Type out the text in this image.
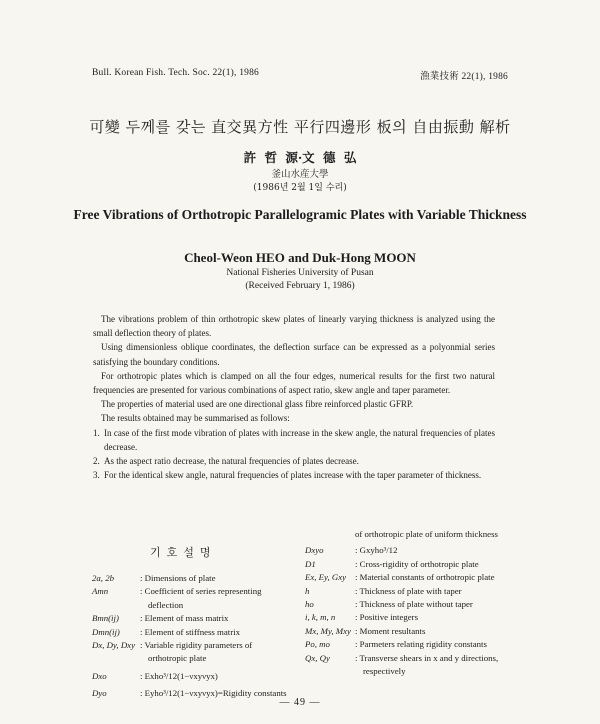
Bull. Korean Fish. Tech. Soc. 22(1), 1986	漁業技術 22(1), 1986
可變 두께를 갖는 直交異方性 平行四邊形 板의 自由振動 解析
許 哲 源·文 德 弘
釜山水産大學
(1986년 2월 1일 수리)
Free Vibrations of Orthotropic Parallelogramic Plates with Variable Thickness
Cheol-Weon HEO and Duk-Hong MOON
National Fisheries University of Pusan
(Received February 1, 1986)

The vibrations problem of thin orthotropic skew plates of linearly varying thickness is analyzed using the small deflection theory of plates.

Using dimensionless oblique coordinates, the deflection surface can be expressed as a polyonmial series satisfying the boundary conditions.

For orthotropic plates which is clamped on all the four edges, numerical results for the first two natural frequencies are presented for various combinations of aspect ratio, skew angle and taper parameter.

The properties of material used are one directional glass fibre reinforced plastic GFRP.

The results obtained may be summarised as follows:

1. In case of the first mode vibration of plates with increase in the skew angle, the natural frequencies of plates decrease.
2. As the aspect ratio decrease, the natural frequencies of plates decrease.
3. For the identical skew angle, natural frequencies of plates increase with the taper parameter of thickness.
기호설명
2a, 2b	: Dimensions of plate
Amn	: Coefficient of series representing
deflection
Bmn(ij)	: Element of mass matrix
Dmn(ij)	: Element of stiffness matrix
Dx, Dy, Dxy : Variable rigidity parameters of
orthotropic plate
Dxo	: Exho³/12(1−νxyνyx)
Dyo	: Eyho³/12(1−νxyνyx)=Rigidity constants
of orthotropic plate of uniform thickness
Dxyo	: Gxyho³/12
D1	: Cross-rigidity of orthotropic plate
Ex, Ey, Gxy	: Material constants of orthotropic plate
h	: Thickness of plate with taper
ho	: Thickness of plate without taper
i, k, m, n	: Positive integers
Mx, My, Mxy : Moment resultants
Po, mo	: Parmeters relating rigidity constants
Qx, Qy	: Transverse shears in x and y directions,
respectively
— 49 —
